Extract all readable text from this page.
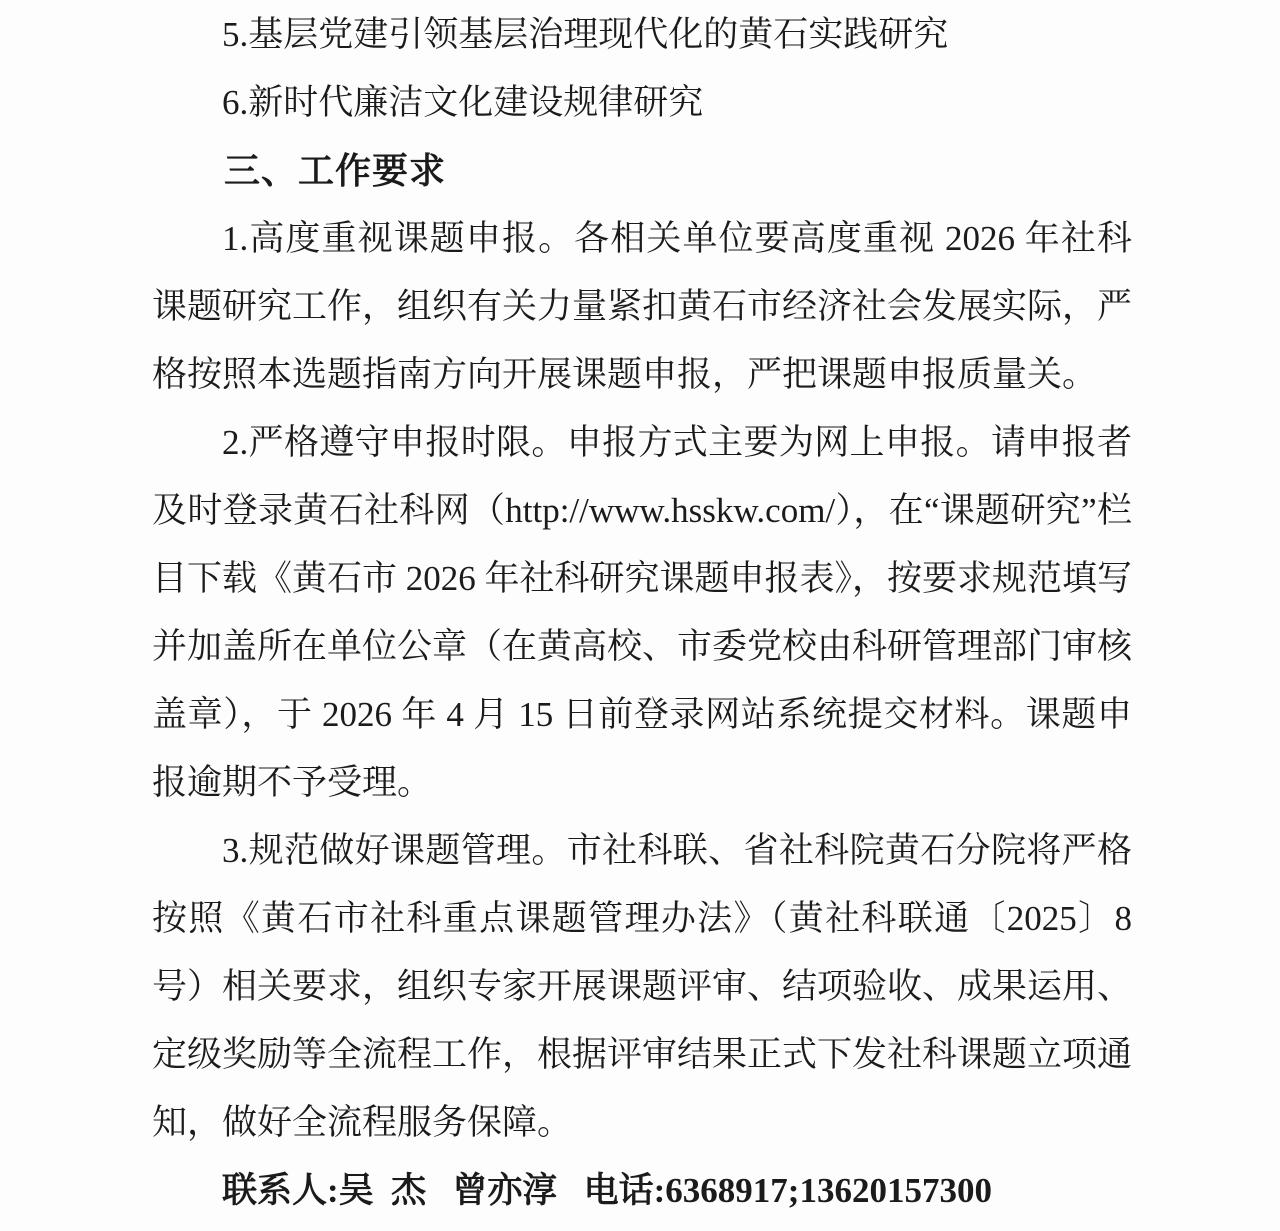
5.基层党建引领基层治理现代化的黄石实践研究

6.新时代廉洁文化建设规律研究

三、工作要求

1.高度重视课题申报。各相关单位要高度重视 2026 年社科课题研究工作，组织有关力量紧扣黄石市经济社会发展实际，严格按照本选题指南方向开展课题申报，严把课题申报质量关。

2.严格遵守申报时限。申报方式主要为网上申报。请申报者及时登录黄石社科网（http://www.hsskw.com/），在“课题研究”栏目下载《黄石市 2026 年社科研究课题申报表》，按要求规范填写并加盖所在单位公章（在黄高校、市委党校由科研管理部门审核盖章），于 2026 年 4 月 15 日前登录网站系统提交材料。课题申报逾期不予受理。

3.规范做好课题管理。市社科联、省社科院黄石分院将严格按照《黄石市社科重点课题管理办法》（黄社科联通〔2025〕8 号）相关要求，组织专家开展课题评审、结项验收、成果运用、定级奖励等全流程工作，根据评审结果正式下发社科课题立项通知，做好全流程服务保障。

联系人:吴  杰   曾亦淳   电话:6368917;13620157300
